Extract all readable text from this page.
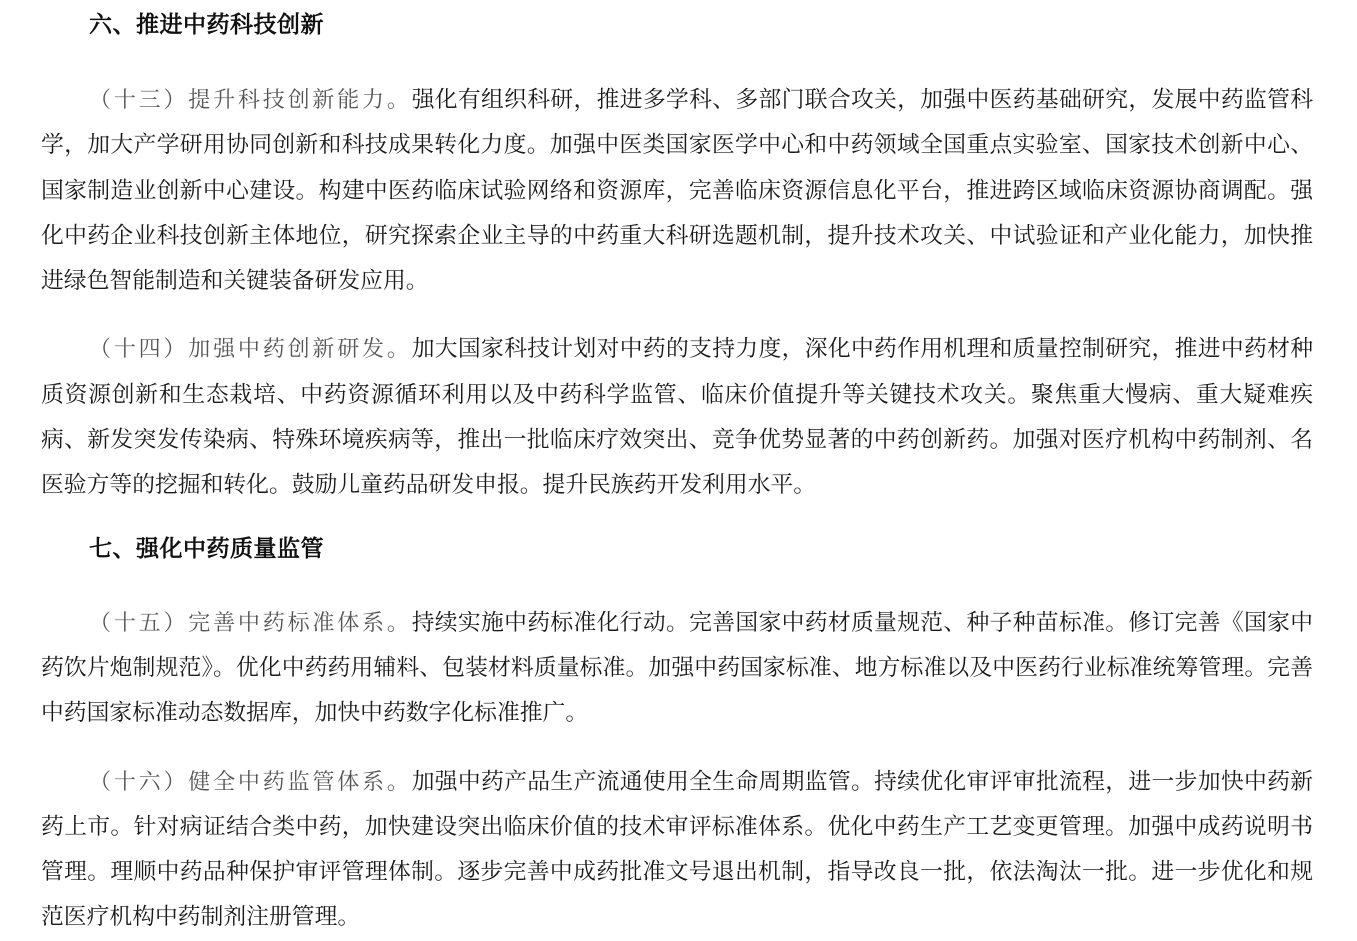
六、推进中药科技创新

（十三）提升科技创新能力。强化有组织科研，推进多学科、多部门联合攻关，加强中医药基础研究，发展中药监管科学，加大产学研用协同创新和科技成果转化力度。加强中医类国家医学中心和中药领域全国重点实验室、国家技术创新中心、国家制造业创新中心建设。构建中医药临床试验网络和资源库，完善临床资源信息化平台，推进跨区域临床资源协商调配。强化中药企业科技创新主体地位，研究探索企业主导的中药重大科研选题机制，提升技术攻关、中试验证和产业化能力，加快推进绿色智能制造和关键装备研发应用。

（十四）加强中药创新研发。加大国家科技计划对中药的支持力度，深化中药作用机理和质量控制研究，推进中药材种质资源创新和生态栽培、中药资源循环利用以及中药科学监管、临床价值提升等关键技术攻关。聚焦重大慢病、重大疑难疾病、新发突发传染病、特殊环境疾病等，推出一批临床疗效突出、竞争优势显著的中药创新药。加强对医疗机构中药制剂、名医验方等的挖掘和转化。鼓励儿童药品研发申报。提升民族药开发利用水平。

七、强化中药质量监管

（十五）完善中药标准体系。持续实施中药标准化行动。完善国家中药材质量规范、种子种苗标准。修订完善《国家中药饮片炮制规范》。优化中药药用辅料、包装材料质量标准。加强中药国家标准、地方标准以及中医药行业标准统筹管理。完善中药国家标准动态数据库，加快中药数字化标准推广。

（十六）健全中药监管体系。加强中药产品生产流通使用全生命周期监管。持续优化审评审批流程，进一步加快中药新药上市。针对病证结合类中药，加快建设突出临床价值的技术审评标准体系。优化中药生产工艺变更管理。加强中成药说明书管理。理顺中药品种保护审评管理体制。逐步完善中成药批准文号退出机制，指导改良一批，依法淘汰一批。进一步优化和规范医疗机构中药制剂注册管理。
